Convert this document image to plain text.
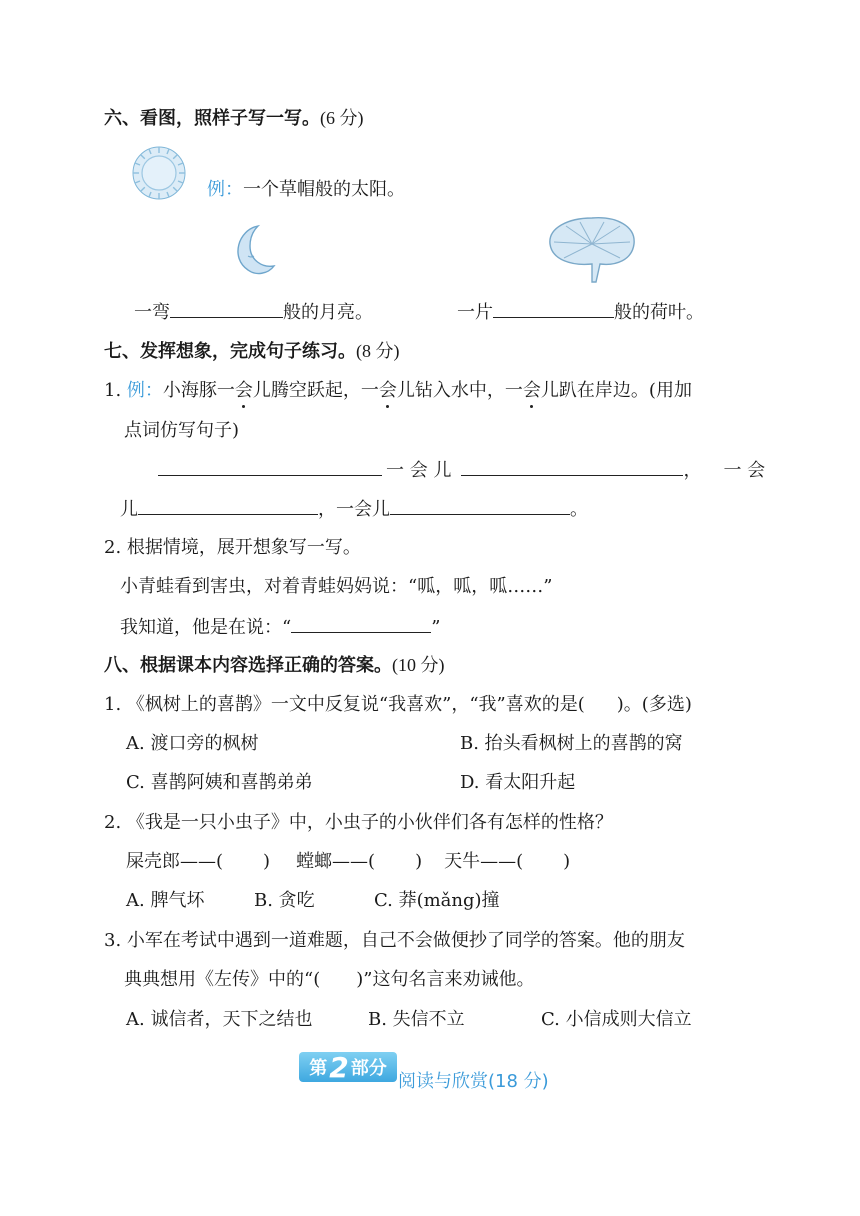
六、看图，照样子写一写。(6 分)
例：一个草帽般的太阳。
一弯	般的月亮。	一片	般的荷叶。
七、发挥想象，完成句子练习。(8 分)
1. 例：小海豚一会儿腾空跃起，一会儿钻入水中，一会儿趴在岸边。(用加
点词仿写句子)
一 会 儿	， 一 会
儿	，一会儿	。
2. 根据情境，展开想象写一写。
小青蛙看到害虫，对着青蛙妈妈说：“呱，呱，呱……”
我知道，他是在说：“	”
八、根据课本内容选择正确的答案。(10 分)
1. 《枫树上的喜鹊》一文中反复说“我喜欢”，“我”喜欢的是( )。(多选)
A. 渡口旁的枫树	B. 抬头看枫树上的喜鹊的窝
C. 喜鹊阿姨和喜鹊弟弟	D. 看太阳升起
2. 《我是一只小虫子》中，小虫子的小伙伴们各有怎样的性格？
屎壳郎——( ) 螳螂——( ) 天牛——( )
A. 脾气坏	B. 贪吃	C. 莽(mǎng)撞
3. 小军在考试中遇到一道难题，自己不会做便抄了同学的答案。他的朋友
典典想用《左传》中的“( )”这句名言来劝诫他。
A. 诚信者，天下之结也	B. 失信不立	C. 小信成则大信立
第 2 部分
阅读与欣赏(18 分)
